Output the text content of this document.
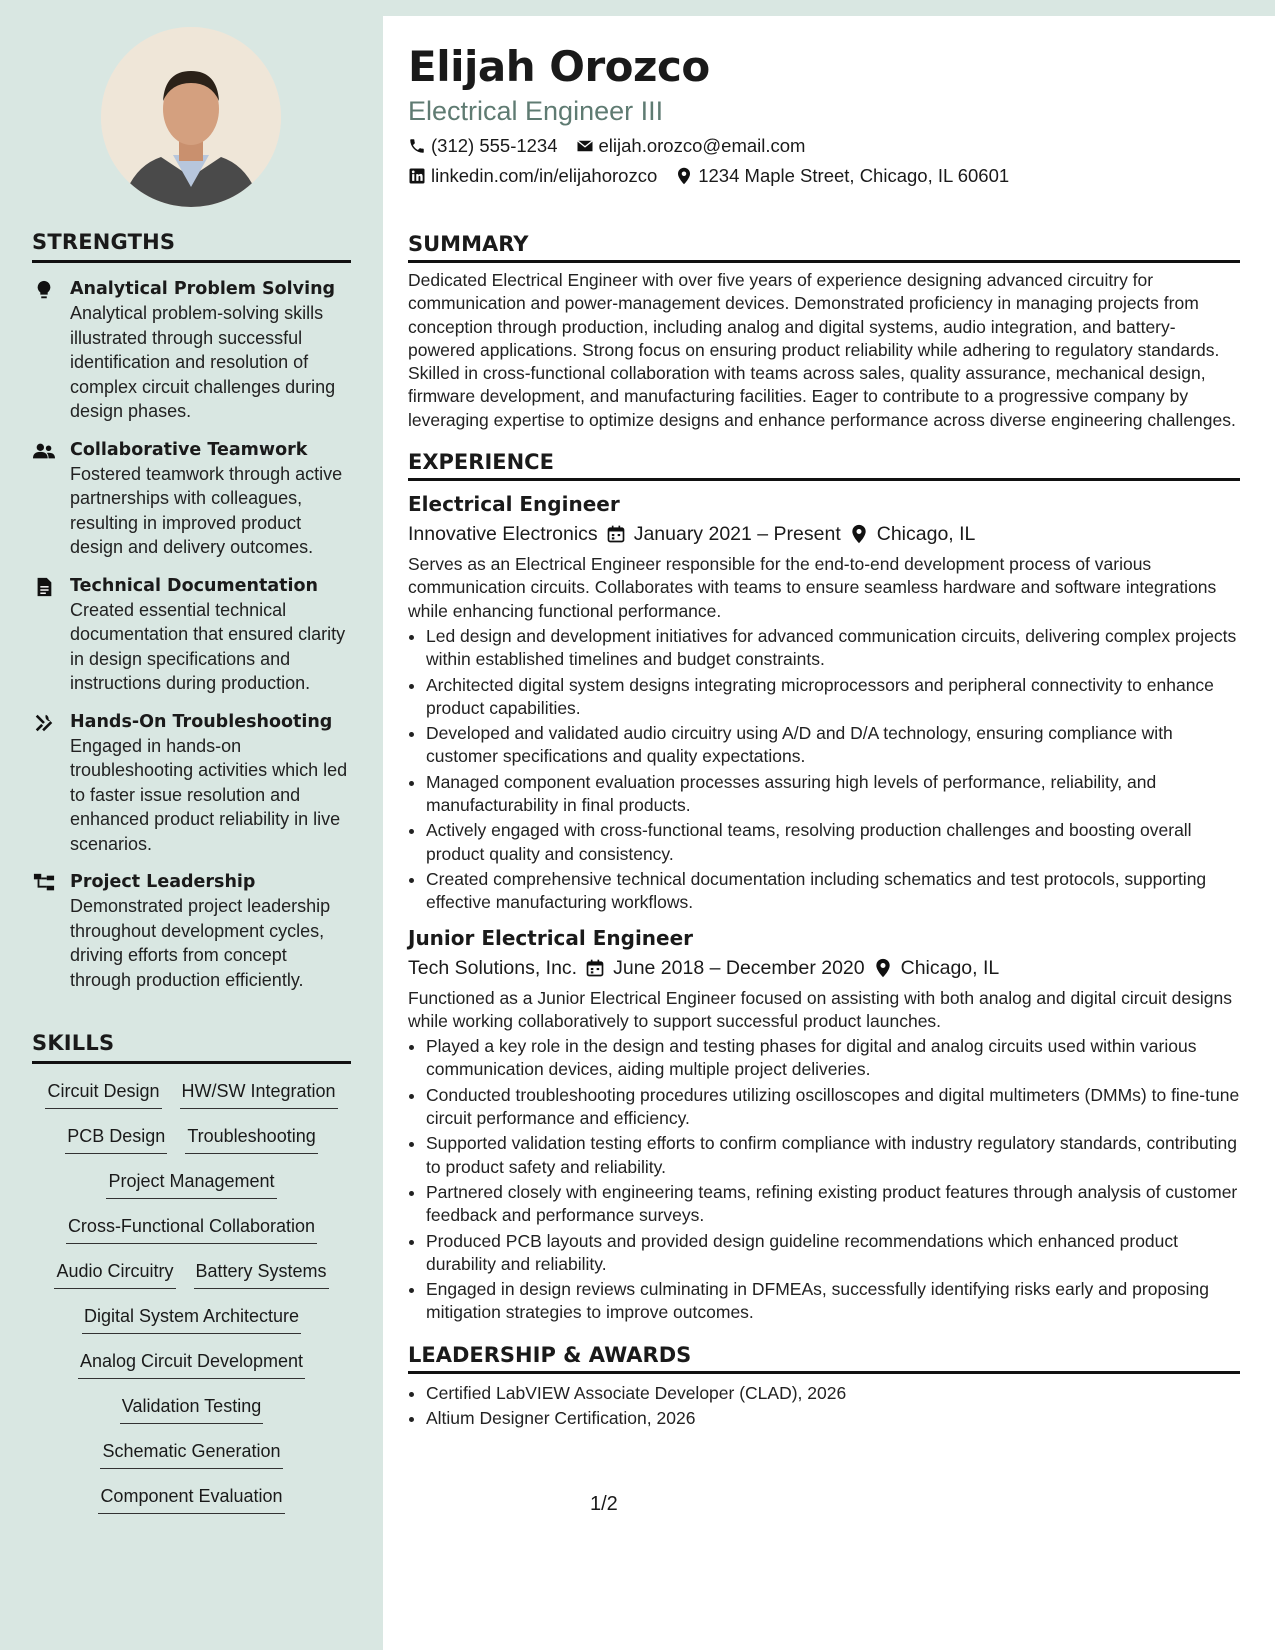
STRENGTHS
Analytical Problem Solving
Analytical problem-solving skills illustrated through successful identification and resolution of complex circuit challenges during design phases.
Collaborative Teamwork
Fostered teamwork through active partnerships with colleagues, resulting in improved product design and delivery outcomes.
Technical Documentation
Created essential technical documentation that ensured clarity in design specifications and instructions during production.
Hands-On Troubleshooting
Engaged in hands-on troubleshooting activities which led to faster issue resolution and enhanced product reliability in live scenarios.
Project Leadership
Demonstrated project leadership throughout development cycles, driving efforts from concept through production efficiently.
SKILLS
Circuit Design HW/SW Integration
PCB Design Troubleshooting
Project Management
Cross-Functional Collaboration
Audio Circuitry Battery Systems
Digital System Architecture
Analog Circuit Development
Validation Testing
Schematic Generation
Component Evaluation
Elijah Orozco
Electrical Engineer III
(312) 555-1234 elijah.orozco@email.com
linkedin.com/in/elijahorozco 1234 Maple Street, Chicago, IL 60601
SUMMARY
Dedicated Electrical Engineer with over five years of experience designing advanced circuitry for communication and power-management devices. Demonstrated proficiency in managing projects from conception through production, including analog and digital systems, audio integration, and battery-powered applications. Strong focus on ensuring product reliability while adhering to regulatory standards. Skilled in cross-functional collaboration with teams across sales, quality assurance, mechanical design, firmware development, and manufacturing facilities. Eager to contribute to a progressive company by leveraging expertise to optimize designs and enhance performance across diverse engineering challenges.
EXPERIENCE
Electrical Engineer
Innovative Electronics January 2021 – Present Chicago, IL
Serves as an Electrical Engineer responsible for the end-to-end development process of various communication circuits. Collaborates with teams to ensure seamless hardware and software integrations while enhancing functional performance.
• Led design and development initiatives for advanced communication circuits, delivering complex projects within established timelines and budget constraints.
• Architected digital system designs integrating microprocessors and peripheral connectivity to enhance product capabilities.
• Developed and validated audio circuitry using A/D and D/A technology, ensuring compliance with customer specifications and quality expectations.
• Managed component evaluation processes assuring high levels of performance, reliability, and manufacturability in final products.
• Actively engaged with cross-functional teams, resolving production challenges and boosting overall product quality and consistency.
• Created comprehensive technical documentation including schematics and test protocols, supporting effective manufacturing workflows.
Junior Electrical Engineer
Tech Solutions, Inc. June 2018 – December 2020 Chicago, IL
Functioned as a Junior Electrical Engineer focused on assisting with both analog and digital circuit designs while working collaboratively to support successful product launches.
• Played a key role in the design and testing phases for digital and analog circuits used within various communication devices, aiding multiple project deliveries.
• Conducted troubleshooting procedures utilizing oscilloscopes and digital multimeters (DMMs) to fine-tune circuit performance and efficiency.
• Supported validation testing efforts to confirm compliance with industry regulatory standards, contributing to product safety and reliability.
• Partnered closely with engineering teams, refining existing product features through analysis of customer feedback and performance surveys.
• Produced PCB layouts and provided design guideline recommendations which enhanced product durability and reliability.
• Engaged in design reviews culminating in DFMEAs, successfully identifying risks early and proposing mitigation strategies to improve outcomes.
LEADERSHIP & AWARDS
• Certified LabVIEW Associate Developer (CLAD), 2026
• Altium Designer Certification, 2026
1/2
